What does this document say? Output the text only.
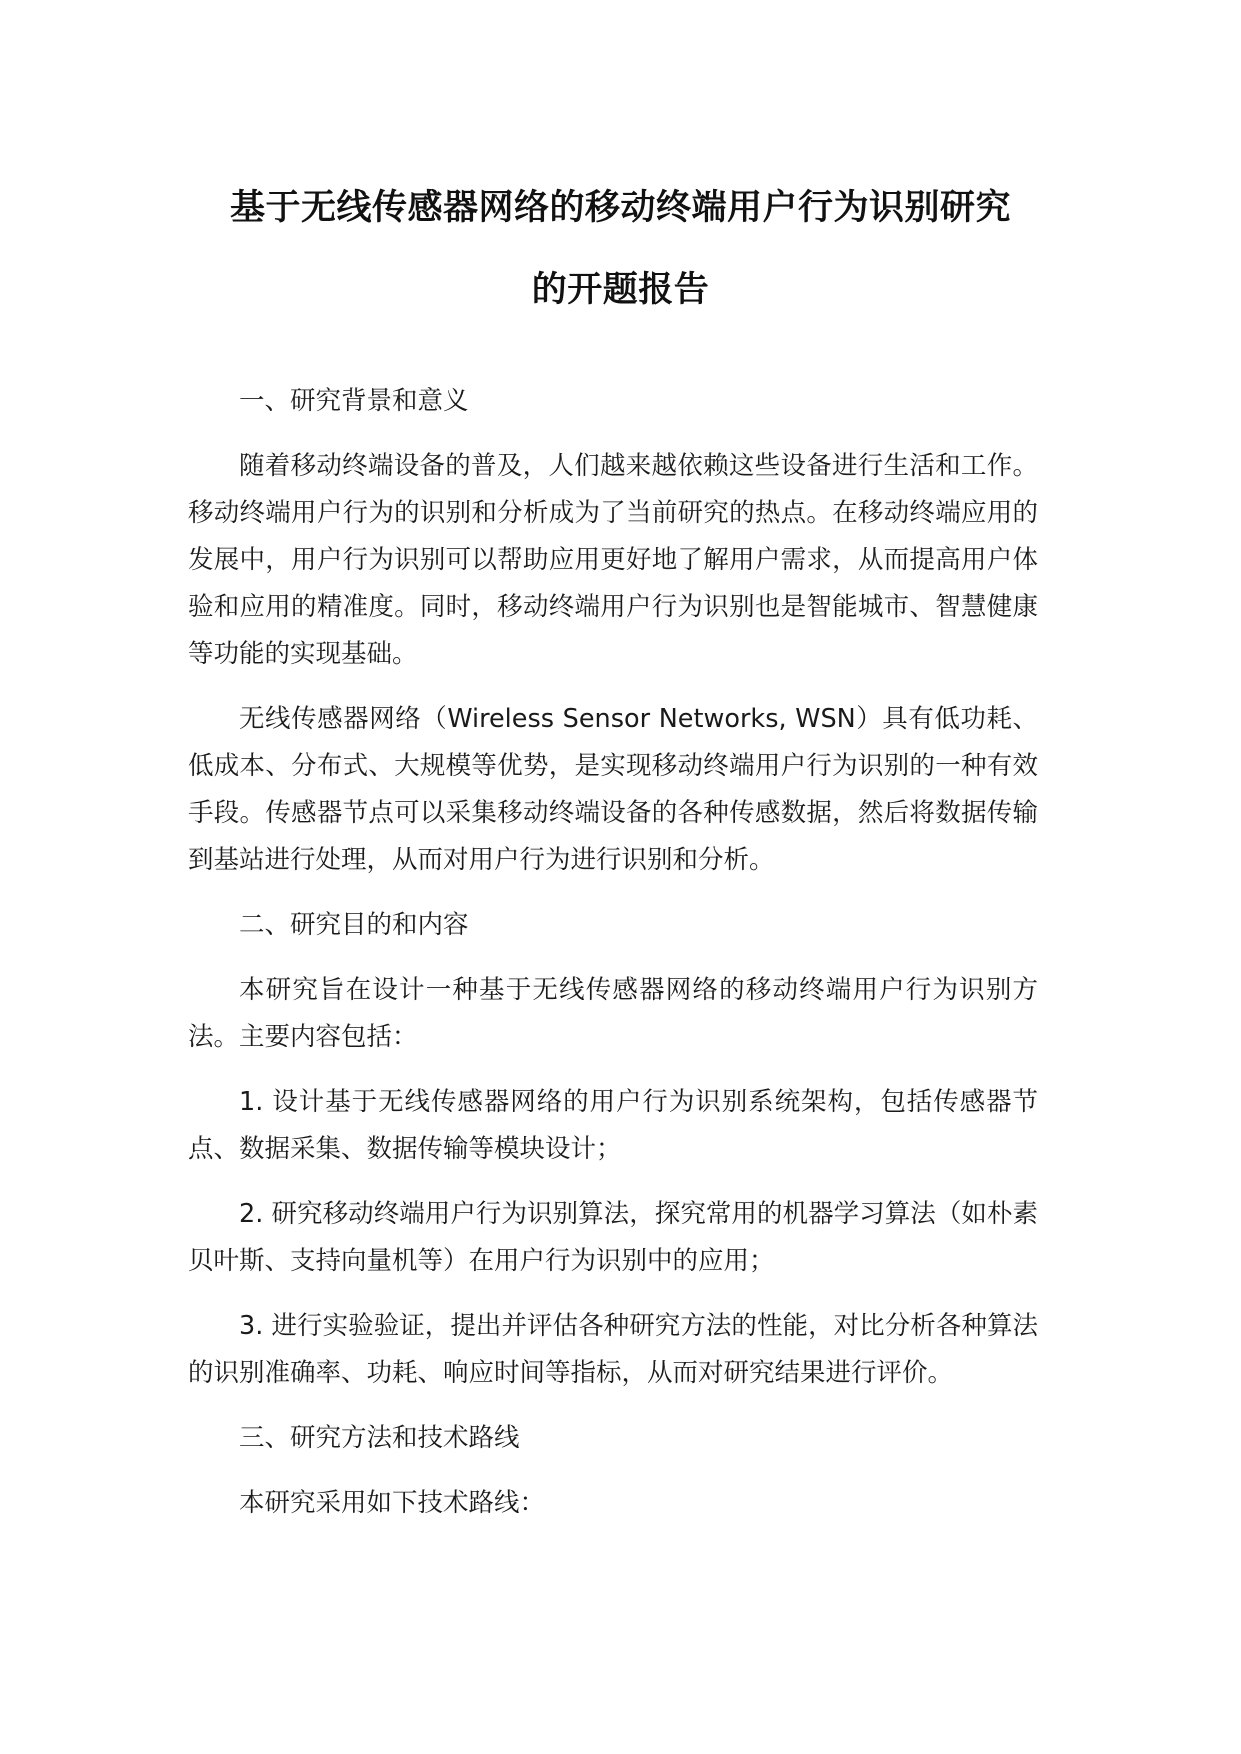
基于无线传感器网络的移动终端用户行为识别研究
的开题报告

一、研究背景和意义

随着移动终端设备的普及，人们越来越依赖这些设备进行生活和工作。移动终端用户行为的识别和分析成为了当前研究的热点。在移动终端应用的发展中，用户行为识别可以帮助应用更好地了解用户需求，从而提高用户体验和应用的精准度。同时，移动终端用户行为识别也是智能城市、智慧健康等功能的实现基础。

无线传感器网络（Wireless Sensor Networks, WSN）具有低功耗、低成本、分布式、大规模等优势，是实现移动终端用户行为识别的一种有效手段。传感器节点可以采集移动终端设备的各种传感数据，然后将数据传输到基站进行处理，从而对用户行为进行识别和分析。

二、研究目的和内容

本研究旨在设计一种基于无线传感器网络的移动终端用户行为识别方法。主要内容包括：

1. 设计基于无线传感器网络的用户行为识别系统架构，包括传感器节点、数据采集、数据传输等模块设计；

2. 研究移动终端用户行为识别算法，探究常用的机器学习算法（如朴素贝叶斯、支持向量机等）在用户行为识别中的应用；

3. 进行实验验证，提出并评估各种研究方法的性能，对比分析各种算法的识别准确率、功耗、响应时间等指标，从而对研究结果进行评价。

三、研究方法和技术路线

本研究采用如下技术路线：
